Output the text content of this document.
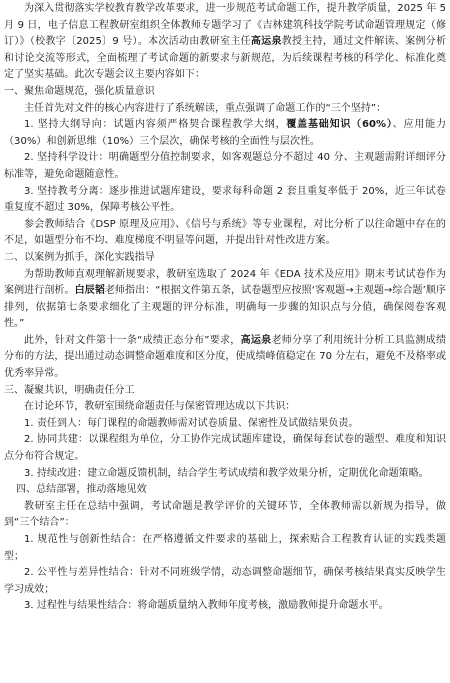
为深入贯彻落实学校教育教学改革要求，进一步规范考试命题工作，提升教学质量，2025 年 5 月 9 日，电子信息工程教研室组织全体教师专题学习了《吉林建筑科技学院考试命题管理规定（修订）》（校教字〔2025〕9 号）。本次活动由教研室主任高运泉教授主持，通过文件解读、案例分析和讨论交流等形式，全面梳理了考试命题的新要求与新规范，为后续课程考核的科学化、标准化奠定了坚实基础。此次专题会议主要内容如下：

一、聚焦命题规范，强化质量意识

主任首先对文件的核心内容进行了系统解读，重点强调了命题工作的“三个坚持”：

1. 坚持大纲导向：试题内容须严格契合课程教学大纲，覆盖基础知识（60%）、应用能力（30%）和创新思维（10%）三个层次，确保考核的全面性与层次性。

2. 坚持科学设计：明确题型分值控制要求，如客观题总分不超过 40 分、主观题需附详细评分标准等，避免命题随意性。

3. 坚持教考分离：逐步推进试题库建设，要求每科命题 2 套且重复率低于 20%，近三年试卷重复度不超过 30%，保障考核公平性。

参会教师结合《DSP 原理及应用》、《信号与系统》等专业课程，对比分析了以往命题中存在的不足，如题型分布不均、难度梯度不明显等问题，并提出针对性改进方案。

二、以案例为抓手，深化实践指导

为帮助教师直观理解新规要求，教研室选取了 2024 年《EDA 技术及应用》期末考试试卷作为案例进行剖析。白辰韬老师指出：“根据文件第五条，试卷题型应按照‘客观题→主观题→综合题’顺序排列，依据第七条要求细化了主观题的评分标准，明确每一步骤的知识点与分值，确保阅卷客观性。”

此外，针对文件第十一条“成绩正态分布”要求，高运泉老师分享了利用统计分析工具监测成绩分布的方法，提出通过动态调整命题难度和区分度，使成绩峰值稳定在 70 分左右，避免不及格率或优秀率异常。

三、凝聚共识，明确责任分工

在讨论环节，教研室围绕命题责任与保密管理达成以下共识：

1. 责任到人：每门课程的命题教师需对试卷质量、保密性及试做结果负责。

2. 协同共建：以课程组为单位，分工协作完成试题库建设，确保每套试卷的题型、难度和知识点分布符合规定。

3. 持续改进：建立命题反馈机制，结合学生考试成绩和教学效果分析，定期优化命题策略。

四、总结部署，推动落地见效

教研室主任在总结中强调，考试命题是教学评价的关键环节，全体教师需以新规为指导，做到“三个结合”：

1. 规范性与创新性结合：在严格遵循文件要求的基础上，探索贴合工程教育认证的实践类题型；

2. 公平性与差异性结合：针对不同班级学情，动态调整命题细节，确保考核结果真实反映学生学习成效；

3. 过程性与结果性结合：将命题质量纳入教师年度考核，激励教师提升命题水平。
